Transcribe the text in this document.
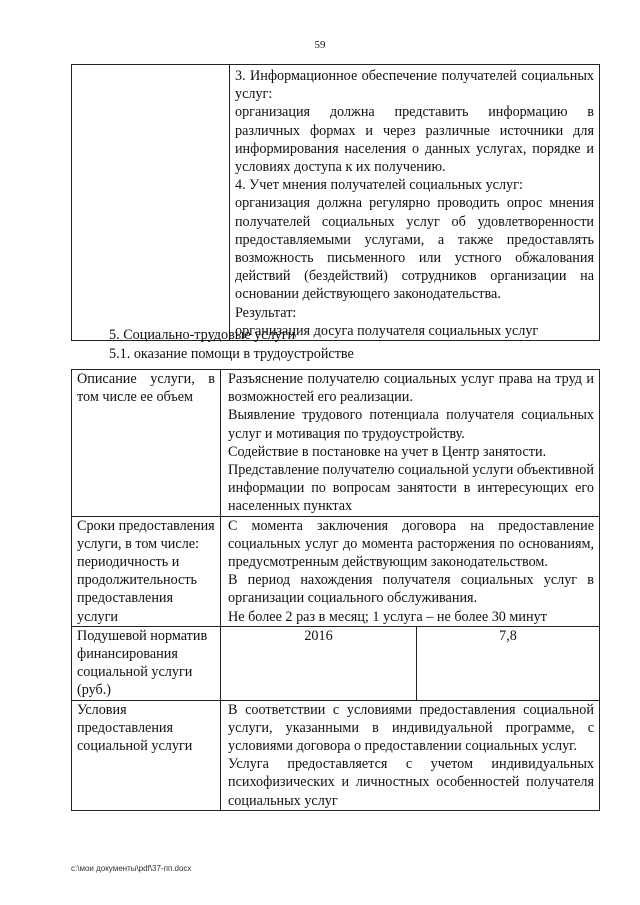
59

3. Информационное обеспечение получателей социальных услуг:
организация должна представить информацию в различных формах и через различные источники для информирования населения о данных услугах, порядке и условиях доступа к их получению.
4. Учет мнения получателей социальных услуг:
организация должна регулярно проводить опрос мнения получателей социальных услуг об удовлетворенности предоставляемыми услугами, а также предоставлять возможность письменного или устного обжалования действий (бездействий) сотрудников организации на основании действующего законодательства.
Результат:
организация досуга получателя социальных услуг
5. Социально-трудовые услуги
5.1. оказание помощи в трудоустройстве
Описание услуги, в том числе ее объем	Разъяснение получателю социальных услуг права на труд и возможностей его реализации.
Выявление трудового потенциала получателя социальных услуг и мотивация по трудоустройству.
Содействие в постановке на учет в Центр занятости.
Представление получателю социальной услуги объективной информации по вопросам занятости в интересующих его населенных пунктах	

Сроки предоставления услуги, в том числе: периодичность и продолжительность предоставления услуги	С момента заключения договора на предоставление социальных услуг до момента расторжения по основаниям, предусмотренным действующим законодательством.
В период нахождения получателя социальных услуг в организации социального обслуживания.
Не более 2 раз в месяц; 1 услуга – не более 30 минут	

Подушевой норматив финансирования социальной услуги (руб.)	2016	7,8
Условия предоставления социальной услуги	В соответствии с условиями предоставления социальной услуги, указанными в индивидуальной программе, с условиями договора о предоставлении социальных услуг.
Услуга предоставляется с учетом индивидуальных психофизических и личностных особенностей получателя социальных услуг	
c:\мои документы\pdf\37-пп.docx
